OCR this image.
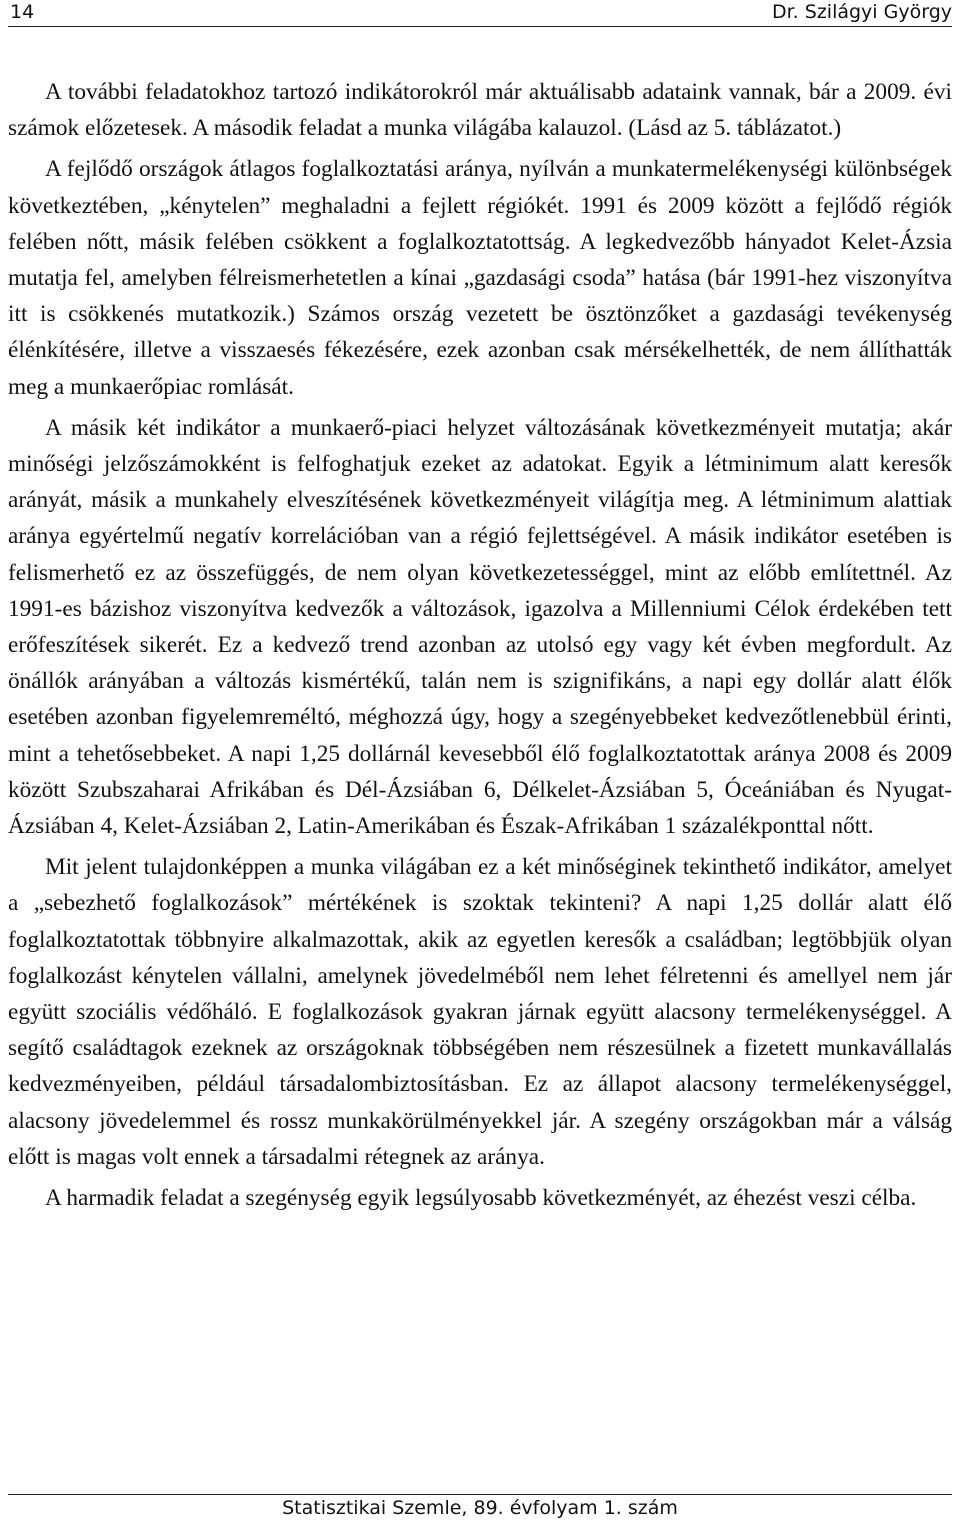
14	Dr. Szilágyi György

A további feladatokhoz tartozó indikátorokról már aktuálisabb adataink vannak, bár a 2009. évi számok előzetesek. A második feladat a munka világába kalauzol. (Lásd az 5. táblázatot.)

A fejlődő országok átlagos foglalkoztatási aránya, nyílván a munkatermelékenységi különbségek következtében, „kénytelen” meghaladni a fejlett régiókét. 1991 és 2009 között a fejlődő régiók felében nőtt, másik felében csökkent a foglalkoztatottság. A legkedvezőbb hányadot Kelet-Ázsia mutatja fel, amelyben félreismerhetetlen a kínai „gazdasági csoda” hatása (bár 1991-hez viszonyítva itt is csökkenés mutatkozik.) Számos ország vezetett be ösztönzőket a gazdasági tevékenység élénkítésére, illetve a visszaesés fékezésére, ezek azonban csak mérsékelhették, de nem állíthatták meg a munkaerőpiac romlását.

A másik két indikátor a munkaerő-piaci helyzet változásának következményeit mutatja; akár minőségi jelzőszámokként is felfoghatjuk ezeket az adatokat. Egyik a létminimum alatt keresők arányát, másik a munkahely elveszítésének következményeit világítja meg. A létminimum alattiak aránya egyértelmű negatív korrelációban van a régió fejlettségével. A másik indikátor esetében is felismerhető ez az összefüggés, de nem olyan következetességgel, mint az előbb említettnél. Az 1991-es bázishoz viszonyítva kedvezők a változások, igazolva a Millenniumi Célok érdekében tett erőfeszítések sikerét. Ez a kedvező trend azonban az utolsó egy vagy két évben megfordult. Az önállók arányában a változás kismértékű, talán nem is szignifikáns, a napi egy dollár alatt élők esetében azonban figyelemreméltó, méghozzá úgy, hogy a szegényebbeket kedvezőtlenebbül érinti, mint a tehetősebbeket. A napi 1,25 dollárnál kevesebből élő foglalkoztatottak aránya 2008 és 2009 között Szubszaharai Afrikában és Dél-Ázsiában 6, Délkelet-Ázsiában 5, Óceániában és Nyugat-Ázsiában 4, Kelet-Ázsiában 2, Latin-Amerikában és Észak-Afrikában 1 százalékponttal nőtt.

Mit jelent tulajdonképpen a munka világában ez a két minőséginek tekinthető indikátor, amelyet a „sebezhető foglalkozások” mértékének is szoktak tekinteni? A napi 1,25 dollár alatt élő foglalkoztatottak többnyire alkalmazottak, akik az egyetlen keresők a családban; legtöbbjük olyan foglalkozást kénytelen vállalni, amelynek jövedelméből nem lehet félretenni és amellyel nem jár együtt szociális védőháló. E foglalkozások gyakran járnak együtt alacsony termelékenységgel. A segítő családtagok ezeknek az országoknak többségében nem részesülnek a fizetett munkavállalás kedvezményeiben, például társadalombiztosításban. Ez az állapot alacsony termelékenységgel, alacsony jövedelemmel és rossz munkakörülményekkel jár. A szegény országokban már a válság előtt is magas volt ennek a társadalmi rétegnek az aránya.

A harmadik feladat a szegénység egyik legsúlyosabb következményét, az éhezést veszi célba.

Statisztikai Szemle, 89. évfolyam 1. szám
